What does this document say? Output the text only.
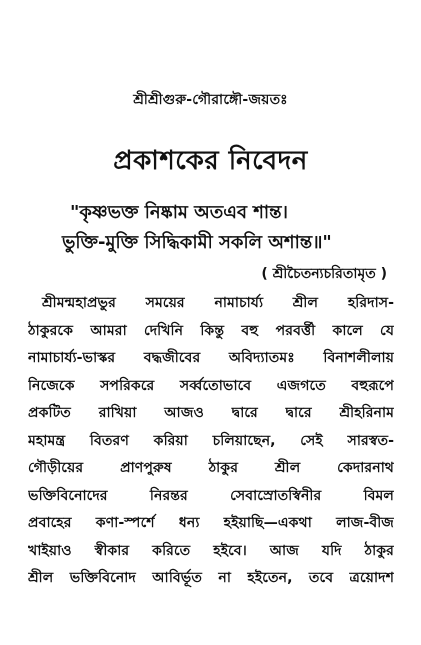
শ্রীশ্রীগুরু-গৌরাঙ্গৌ-জয়তঃ
প্রকাশকের নিবেদন
"কৃষ্ণভক্ত নিষ্কাম অতএব শান্ত।
ভুক্তি-মুক্তি সিদ্ধিকামী সকলি অশান্ত॥"
( শ্রীচৈতন্যচরিতামৃত )
শ্রীমন্মহাপ্রভুর সময়ের নামাচার্য্য শ্রীল হরিদাস-
ঠাকুরকে আমরা দেখিনি কিন্তু বহু পরবর্ত্তী কালে যে
নামাচার্য্য-ভাস্কর বদ্ধজীবের অবিদ্যাতমঃ বিনাশলীলায়
নিজেকে সপরিকরে সর্ব্বতোভাবে এজগতে বহুরূপে
প্রকটিত রাখিয়া আজও দ্বারে দ্বারে শ্রীহরিনাম
মহামন্ত্র বিতরণ করিয়া চলিয়াছেন, সেই সারস্বত-
গৌড়ীয়ের প্রাণপুরুষ ঠাকুর শ্রীল কেদারনাথ
ভক্তিবিনোদের নিরন্তর সেবাস্রোতস্বিনীর বিমল
প্রবাহের কণা-স্পর্শে ধন্য হইয়াছি—একথা লাজ-বীজ
খাইয়াও স্বীকার করিতে হইবে। আজ যদি ঠাকুর
শ্রীল ভক্তিবিনোদ আবির্ভূত না হইতেন, তবে ত্রয়োদশ
